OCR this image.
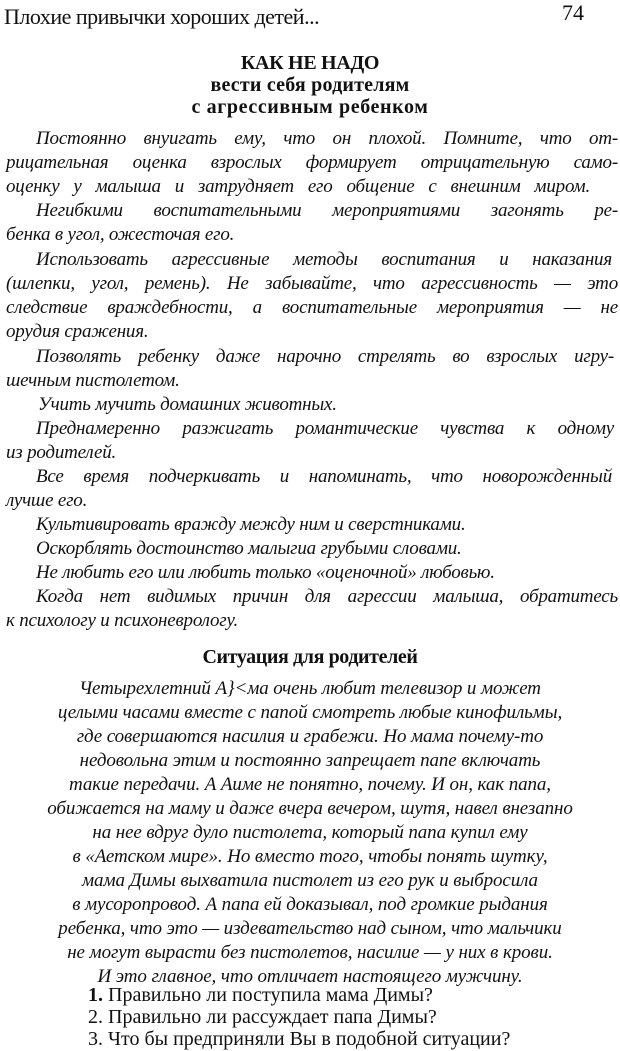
Плохие привычки хороших детей...	74
КАК НЕ НАДО
вести себя родителям
с агрессивным ребенком
Постоянно внуигать ему, что он плохой. Помните, что от-
рицательная оценка взрослых формирует отрицательную само-
оценку у малыша и затрудняет его общение с внешним миром.
Негибкими воспитательными мероприятиями загонять ре-
бенка в угол, ожесточая его.
Использовать агрессивные методы воспитания и наказания
(шлепки, угол, ремень). Не забывайте, что агрессивность — это
следствие враждебности, а воспитательные мероприятия — не
орудия сражения.
Позволять ребенку даже нарочно стрелять во взрослых игру-
шечным пистолетом.
Учить мучить домашних животных.
Преднамеренно разжигать романтические чувства к одному
из родителей.
Все время подчеркивать и напоминать, что новорожденный
лучше его.
Культивировать вражду между ним и сверстниками.
Оскорблять достоинство малыгиа грубыми словами.
Не любить его или любить только «оценочной» любовью.
Когда нет видимых причин для агрессии малыша, обратитесь
к психологу и психоневрологу.
Ситуация для родителей
Четырехлетний А}<ма очень любит телевизор и может
целыми часами вместе с папой смотреть любые кинофильмы,
где совершаются насилия и грабежи. Но мама почему-то
недовольна этим и постоянно запрещает папе включать
такие передачи. А Аиме не понятно, почему. И он, как папа,
обижается на маму и даже вчера вечером, шутя, навел внезапно
на нее вдруг дуло пистолета, который папа купил ему
в «Аетском мире». Но вместо того, чтобы понять шутку,
мама Димы выхватила пистолет из его рук и выбросила
в мусоропровод. А папа ей доказывал, под громкие рыдания
ребенка, что это — издевательство над сыном, что мальчики
не могут вырасти без пистолетов, насилие — у них в крови.
И это главное, что отличает настоящего мужчину.
1. Правильно ли поступила мама Димы?
2. Правильно ли рассуждает папа Димы?
3. Что бы предприняли Вы в подобной ситуации?
